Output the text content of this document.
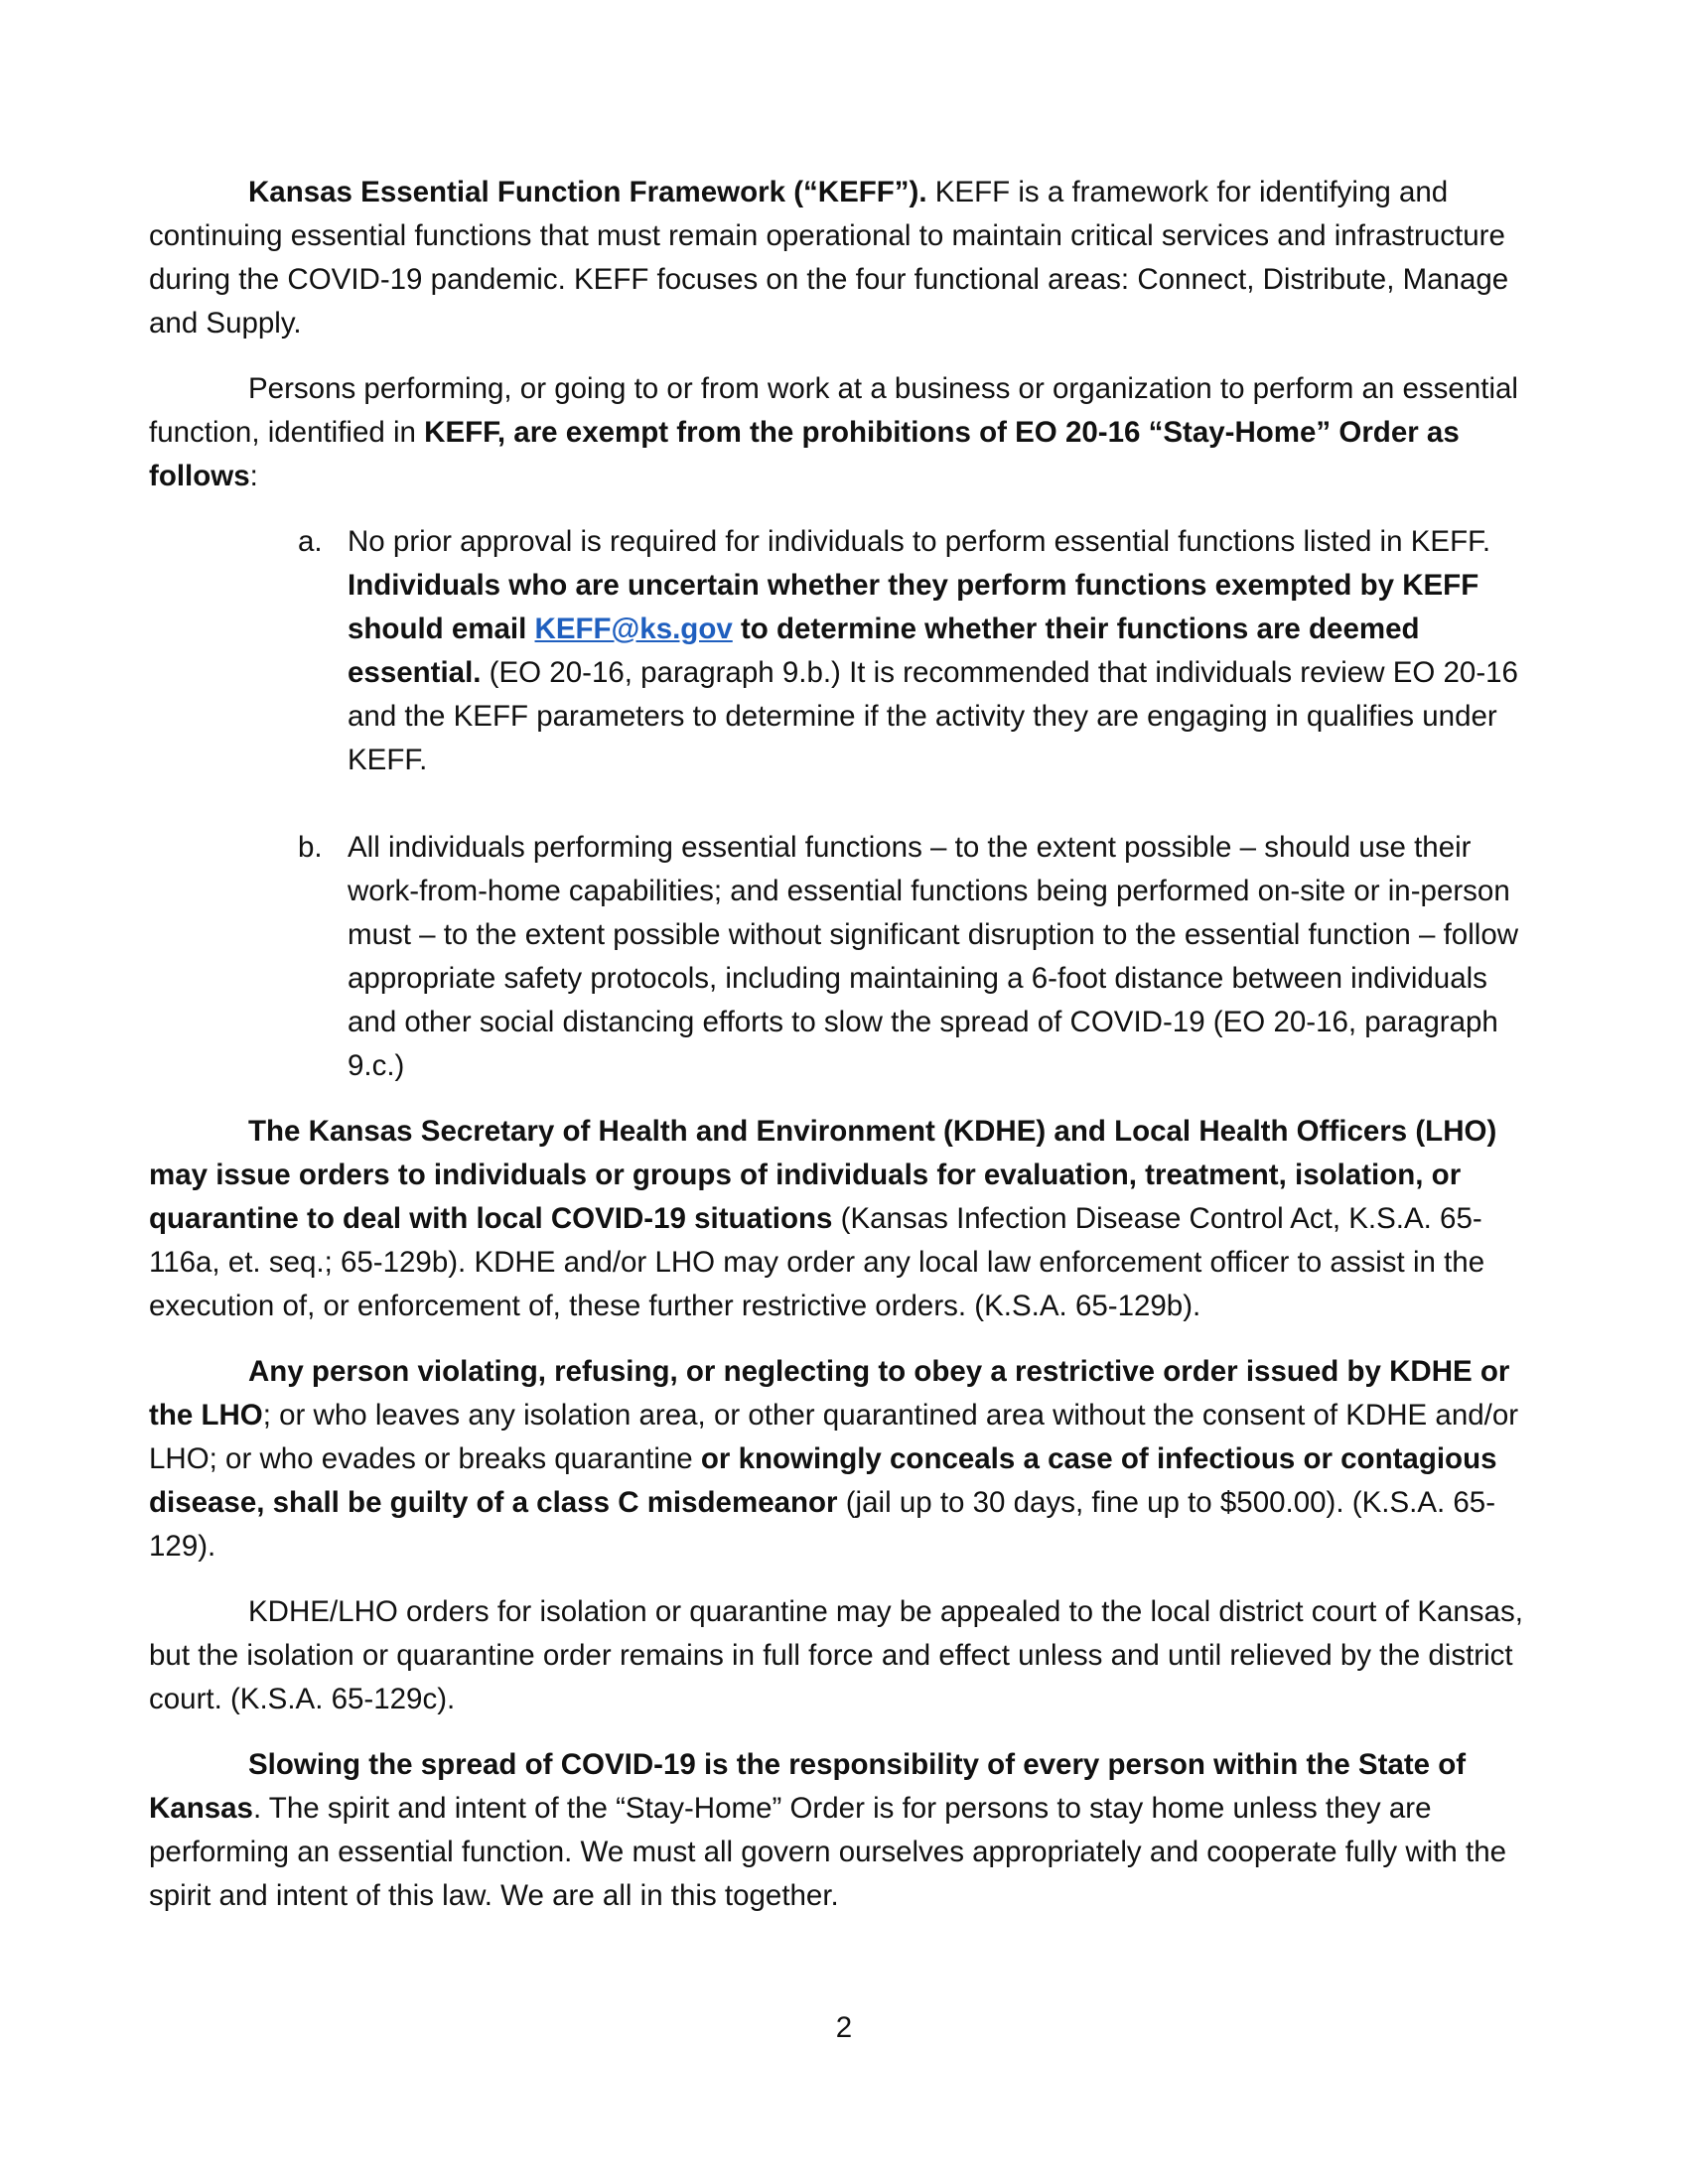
Kansas Essential Function Framework (“KEFF”). KEFF is a framework for identifying and continuing essential functions that must remain operational to maintain critical services and infrastructure during the COVID-19 pandemic. KEFF focuses on the four functional areas: Connect, Distribute, Manage and Supply.

Persons performing, or going to or from work at a business or organization to perform an essential function, identified in KEFF, are exempt from the prohibitions of EO 20-16 “Stay-Home” Order as follows:

a. No prior approval is required for individuals to perform essential functions listed in KEFF. Individuals who are uncertain whether they perform functions exempted by KEFF should email KEFF@ks.gov to determine whether their functions are deemed essential. (EO 20-16, paragraph 9.b.) It is recommended that individuals review EO 20-16 and the KEFF parameters to determine if the activity they are engaging in qualifies under KEFF.
b. All individuals performing essential functions – to the extent possible – should use their work-from-home capabilities; and essential functions being performed on-site or in-person must – to the extent possible without significant disruption to the essential function – follow appropriate safety protocols, including maintaining a 6-foot distance between individuals and other social distancing efforts to slow the spread of COVID-19 (EO 20-16, paragraph 9.c.)

The Kansas Secretary of Health and Environment (KDHE) and Local Health Officers (LHO) may issue orders to individuals or groups of individuals for evaluation, treatment, isolation, or quarantine to deal with local COVID-19 situations (Kansas Infection Disease Control Act, K.S.A. 65-116a, et. seq.; 65-129b). KDHE and/or LHO may order any local law enforcement officer to assist in the execution of, or enforcement of, these further restrictive orders. (K.S.A. 65-129b).

Any person violating, refusing, or neglecting to obey a restrictive order issued by KDHE or the LHO; or who leaves any isolation area, or other quarantined area without the consent of KDHE and/or LHO; or who evades or breaks quarantine or knowingly conceals a case of infectious or contagious disease, shall be guilty of a class C misdemeanor (jail up to 30 days, fine up to $500.00). (K.S.A. 65-129).

KDHE/LHO orders for isolation or quarantine may be appealed to the local district court of Kansas, but the isolation or quarantine order remains in full force and effect unless and until relieved by the district court. (K.S.A. 65-129c).

Slowing the spread of COVID-19 is the responsibility of every person within the State of Kansas. The spirit and intent of the “Stay-Home” Order is for persons to stay home unless they are performing an essential function. We must all govern ourselves appropriately and cooperate fully with the spirit and intent of this law. We are all in this together.

2
